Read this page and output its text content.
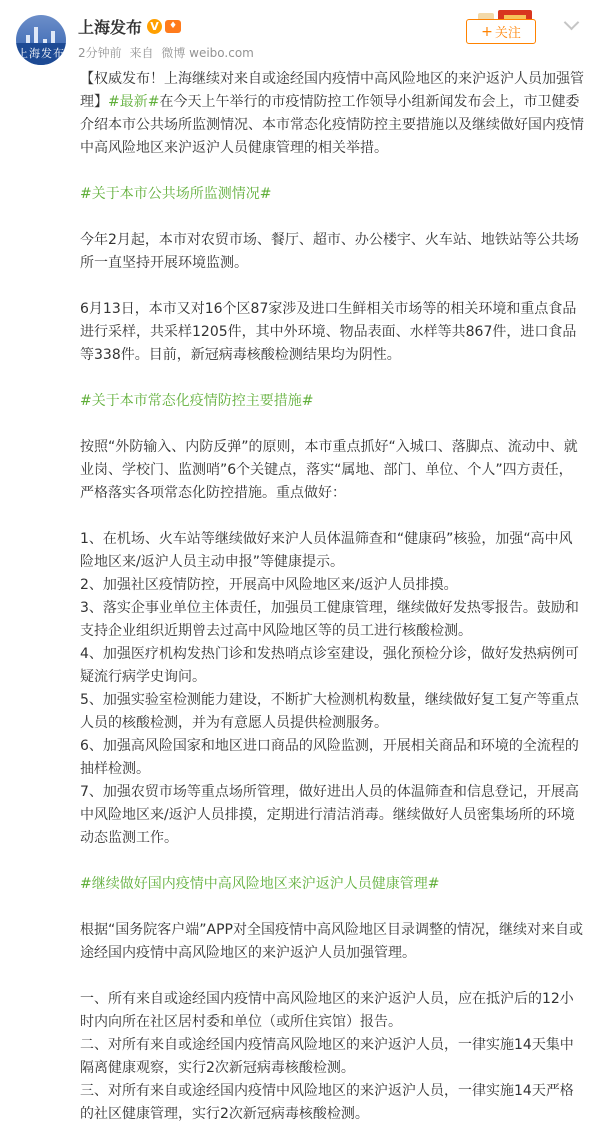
上海发布
上海发布 V	♦
2分钟前 来自 微博 weibo.com
+ 关注

【权威发布！上海继续对来自或途经国内疫情中高风险地区的来沪返沪人员加强管理】#最新#在今天上午举行的市疫情防控工作领导小组新闻发布会上，市卫健委介绍本市公共场所监测情况、本市常态化疫情防控主要措施以及继续做好国内疫情中高风险地区来沪返沪人员健康管理的相关举措。

#关于本市公共场所监测情况#

今年2月起，本市对农贸市场、餐厅、超市、办公楼宇、火车站、地铁站等公共场所一直坚持开展环境监测。

6月13日，本市又对16个区87家涉及进口生鲜相关市场等的相关环境和重点食品进行采样，共采样1205件，其中外环境、物品表面、水样等共867件，进口食品等338件。目前，新冠病毒核酸检测结果均为阴性。

#关于本市常态化疫情防控主要措施#

按照“外防输入、内防反弹”的原则，本市重点抓好“入城口、落脚点、流动中、就业岗、学校门、监测哨”6个关键点，落实“属地、部门、单位、个人”四方责任，严格落实各项常态化防控措施。重点做好：

1、在机场、火车站等继续做好来沪人员体温筛查和“健康码”核验，加强“高中风险地区来/返沪人员主动申报”等健康提示。

2、加强社区疫情防控，开展高中风险地区来/返沪人员排摸。

3、落实企事业单位主体责任，加强员工健康管理，继续做好发热零报告。鼓励和支持企业组织近期曾去过高中风险地区等的员工进行核酸检测。

4、加强医疗机构发热门诊和发热哨点诊室建设，强化预检分诊，做好发热病例可疑流行病学史询问。

5、加强实验室检测能力建设，不断扩大检测机构数量，继续做好复工复产等重点人员的核酸检测，并为有意愿人员提供检测服务。

6、加强高风险国家和地区进口商品的风险监测，开展相关商品和环境的全流程的抽样检测。

7、加强农贸市场等重点场所管理，做好进出人员的体温筛查和信息登记，开展高中风险地区来/返沪人员排摸，定期进行清洁消毒。继续做好人员密集场所的环境动态监测工作。

#继续做好国内疫情中高风险地区来沪返沪人员健康管理#

根据“国务院客户端”APP对全国疫情中高风险地区目录调整的情况，继续对来自或途经国内疫情中高风险地区的来沪返沪人员加强管理。

一、所有来自或途经国内疫情中高风险地区的来沪返沪人员，应在抵沪后的12小时内向所在社区居村委和单位（或所住宾馆）报告。

二、对所有来自或途经国内疫情高风险地区的来沪返沪人员，一律实施14天集中隔离健康观察，实行2次新冠病毒核酸检测。

三、对所有来自或途经国内疫情中风险地区的来沪返沪人员，一律实施14天严格的社区健康管理，实行2次新冠病毒核酸检测。
